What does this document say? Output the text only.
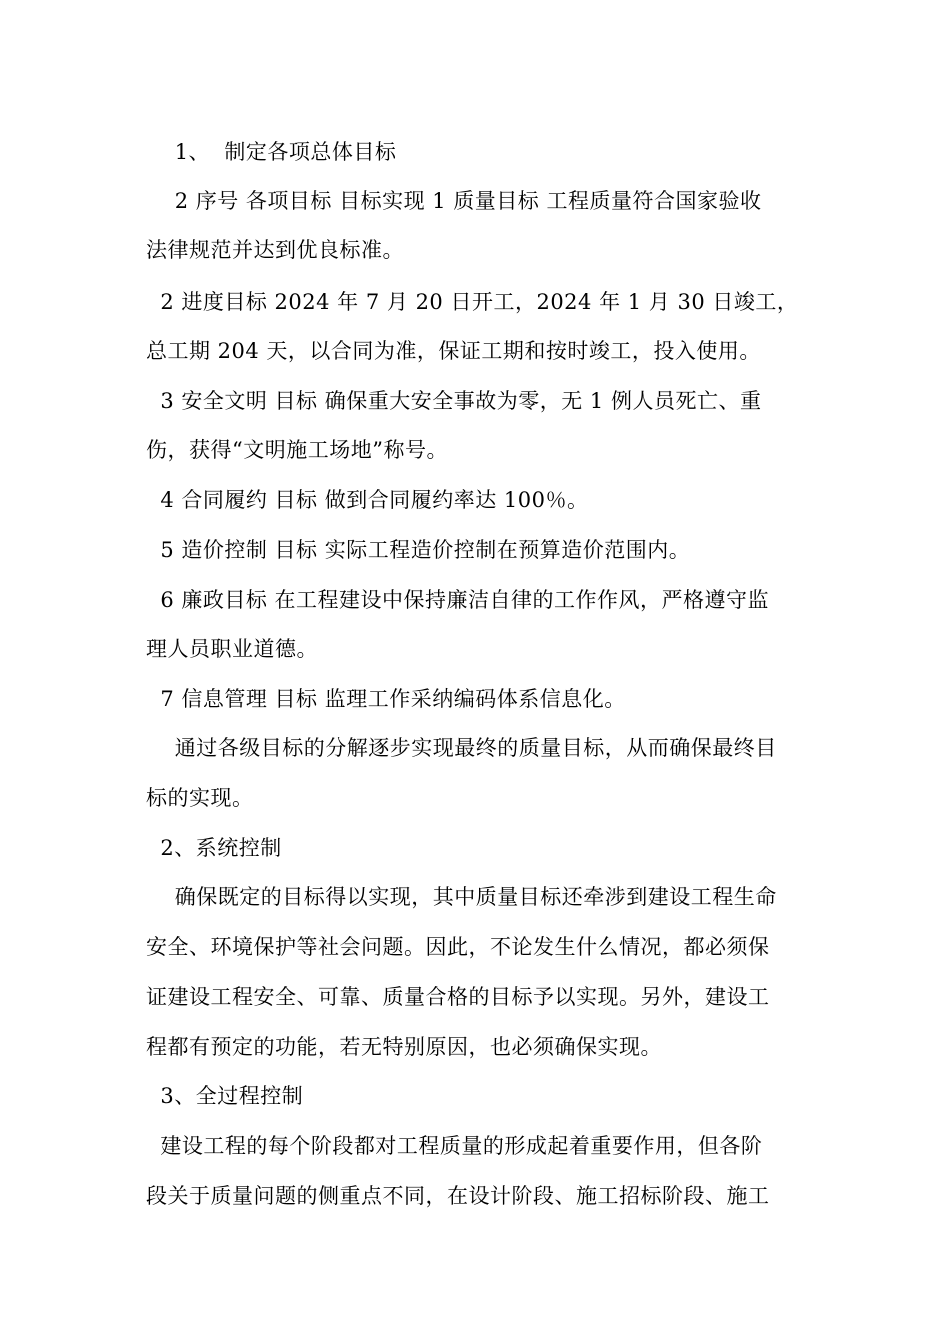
1、  制定各项总体目标
2 序号 各项目标 目标实现 1 质量目标 工程质量符合国家验收
法律规范并达到优良标准。
2 进度目标 2024 年 7 月 20 日开工，2024 年 1 月 30 日竣工，
总工期 204 天，以合同为准，保证工期和按时竣工，投入使用。
3 安全文明 目标 确保重大安全事故为零，无 1 例人员死亡、重
伤，获得“文明施工场地”称号。
4 合同履约 目标 做到合同履约率达 100％。
5 造价控制 目标 实际工程造价控制在预算造价范围内。
6 廉政目标 在工程建设中保持廉洁自律的工作作风，严格遵守监
理人员职业道德。
7 信息管理 目标 监理工作采纳编码体系信息化。
通过各级目标的分解逐步实现最终的质量目标，从而确保最终目
标的实现。
2、系统控制
确保既定的目标得以实现，其中质量目标还牵涉到建设工程生命
安全、环境保护等社会问题。因此，不论发生什么情况，都必须保
证建设工程安全、可靠、质量合格的目标予以实现。另外，建设工
程都有预定的功能，若无特别原因，也必须确保实现。
3、全过程控制
建设工程的每个阶段都对工程质量的形成起着重要作用，但各阶
段关于质量问题的侧重点不同，在设计阶段、施工招标阶段、施工
